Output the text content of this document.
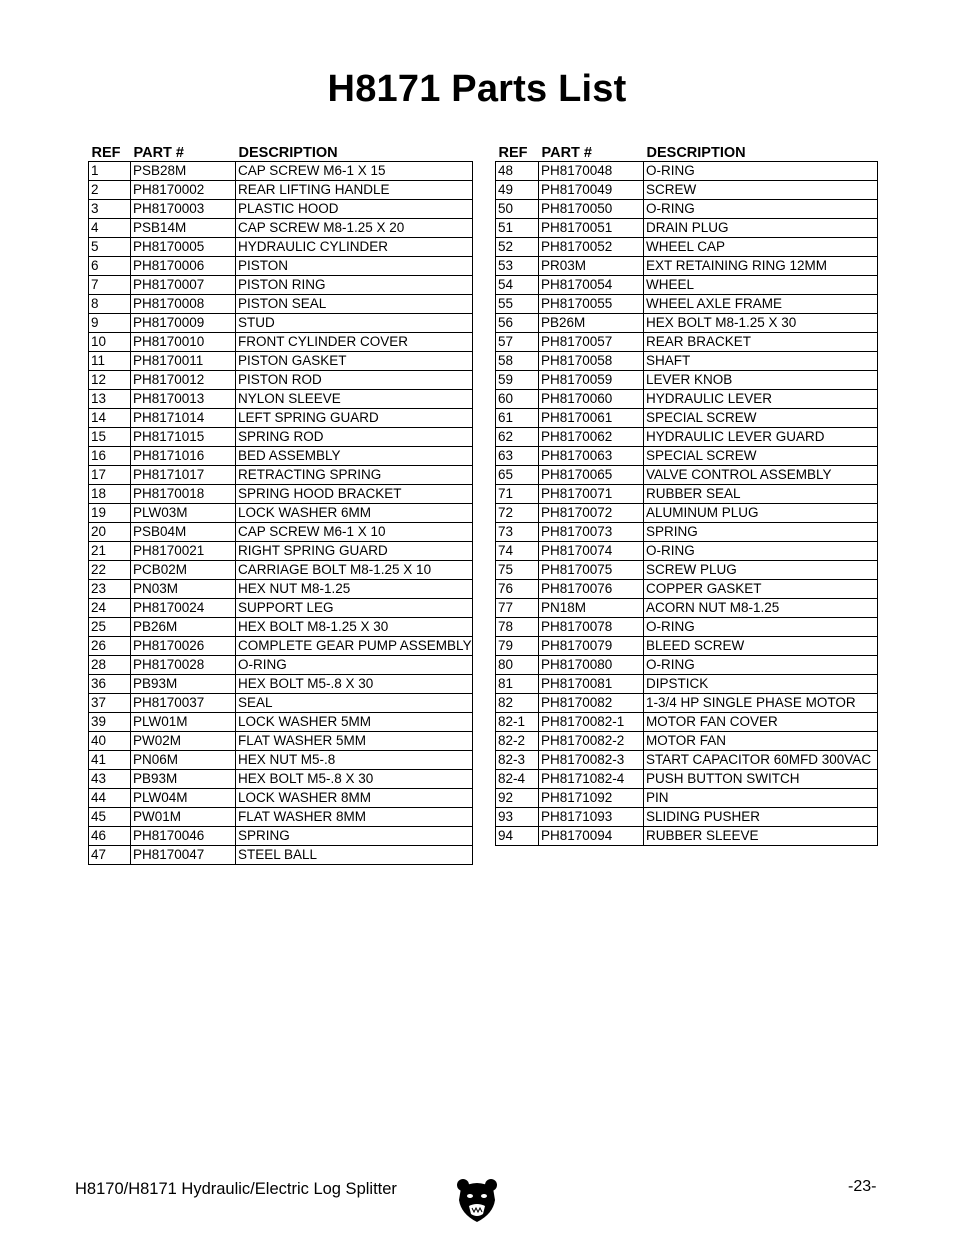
H8171 Parts List
REF	PART #	DESCRIPTION
1	PSB28M	CAP SCREW M6-1 X 15
2	PH8170002	REAR LIFTING HANDLE
3	PH8170003	PLASTIC HOOD
4	PSB14M	CAP SCREW M8-1.25 X 20
5	PH8170005	HYDRAULIC CYLINDER
6	PH8170006	PISTON
7	PH8170007	PISTON RING
8	PH8170008	PISTON SEAL
9	PH8170009	STUD
10	PH8170010	FRONT CYLINDER COVER
11	PH8170011	PISTON GASKET
12	PH8170012	PISTON ROD
13	PH8170013	NYLON SLEEVE
14	PH8171014	LEFT SPRING GUARD
15	PH8171015	SPRING ROD
16	PH8171016	BED ASSEMBLY
17	PH8171017	RETRACTING SPRING
18	PH8170018	SPRING HOOD BRACKET
19	PLW03M	LOCK WASHER 6MM
20	PSB04M	CAP SCREW M6-1 X 10
21	PH8170021	RIGHT SPRING GUARD
22	PCB02M	CARRIAGE BOLT M8-1.25 X 10
23	PN03M	HEX NUT M8-1.25
24	PH8170024	SUPPORT LEG
25	PB26M	HEX BOLT M8-1.25 X 30
26	PH8170026	COMPLETE GEAR PUMP ASSEMBLY
28	PH8170028	O-RING
36	PB93M	HEX BOLT M5-.8 X 30
37	PH8170037	SEAL
39	PLW01M	LOCK WASHER 5MM
40	PW02M	FLAT WASHER 5MM
41	PN06M	HEX NUT M5-.8
43	PB93M	HEX BOLT M5-.8 X 30
44	PLW04M	LOCK WASHER 8MM
45	PW01M	FLAT WASHER 8MM
46	PH8170046	SPRING
47	PH8170047	STEEL BALL
REF	PART #	DESCRIPTION
48	PH8170048	O-RING
49	PH8170049	SCREW
50	PH8170050	O-RING
51	PH8170051	DRAIN PLUG
52	PH8170052	WHEEL CAP
53	PR03M	EXT RETAINING RING 12MM
54	PH8170054	WHEEL
55	PH8170055	WHEEL AXLE FRAME
56	PB26M	HEX BOLT M8-1.25 X 30
57	PH8170057	REAR BRACKET
58	PH8170058	SHAFT
59	PH8170059	LEVER KNOB
60	PH8170060	HYDRAULIC LEVER
61	PH8170061	SPECIAL SCREW
62	PH8170062	HYDRAULIC LEVER GUARD
63	PH8170063	SPECIAL SCREW
65	PH8170065	VALVE CONTROL ASSEMBLY
71	PH8170071	RUBBER SEAL
72	PH8170072	ALUMINUM PLUG
73	PH8170073	SPRING
74	PH8170074	O-RING
75	PH8170075	SCREW PLUG
76	PH8170076	COPPER GASKET
77	PN18M	ACORN NUT M8-1.25
78	PH8170078	O-RING
79	PH8170079	BLEED SCREW
80	PH8170080	O-RING
81	PH8170081	DIPSTICK
82	PH8170082	1-3/4 HP SINGLE PHASE MOTOR
82-1	PH8170082-1	MOTOR FAN COVER
82-2	PH8170082-2	MOTOR FAN
82-3	PH8170082-3	START CAPACITOR 60MFD 300VAC
82-4	PH8171082-4	PUSH BUTTON SWITCH
92	PH8171092	PIN
93	PH8171093	SLIDING PUSHER
94	PH8170094	RUBBER SLEEVE
H8170/H8171 Hydraulic/Electric Log Splitter	-23-
